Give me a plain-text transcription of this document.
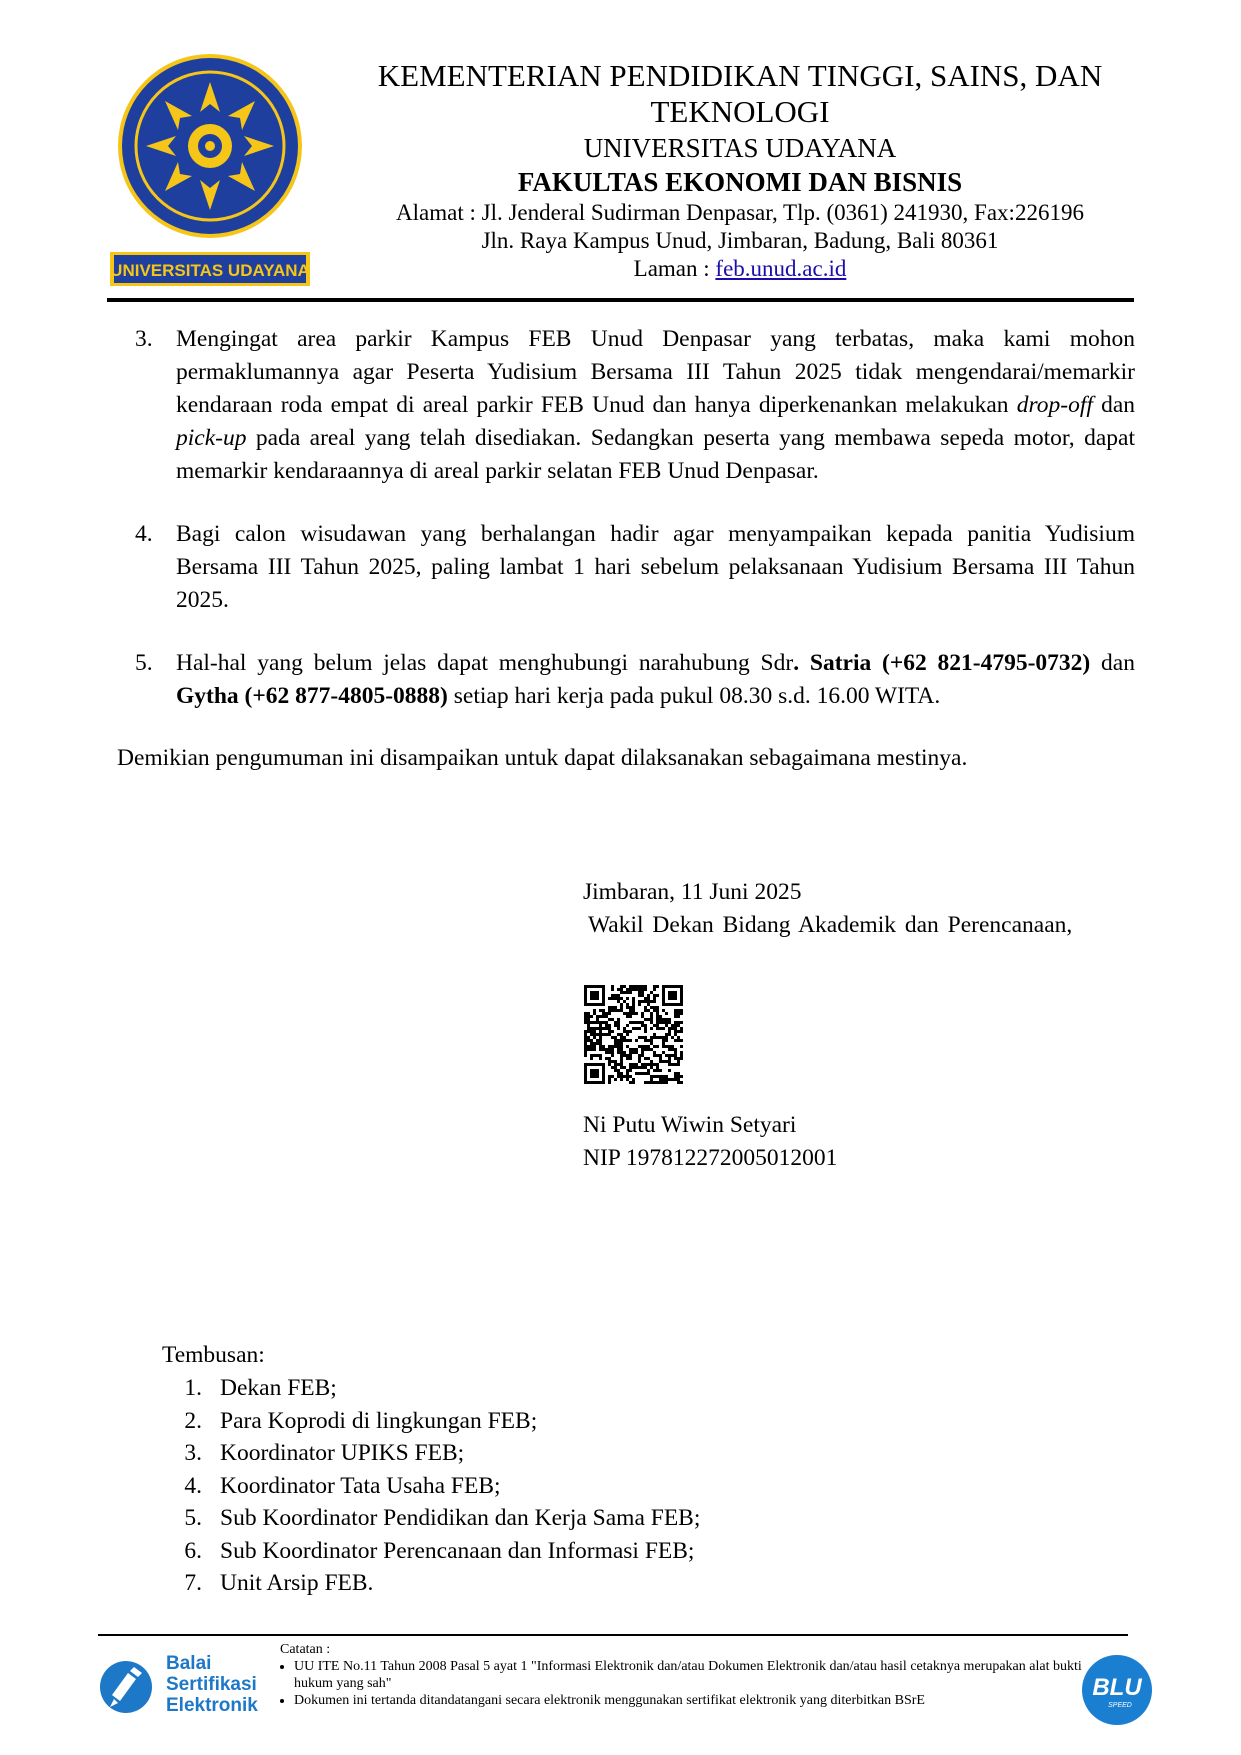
UNIVERSITAS UDAYANA
KEMENTERIAN PENDIDIKAN TINGGI, SAINS, DAN TEKNOLOGI
UNIVERSITAS UDAYANA
FAKULTAS EKONOMI DAN BISNIS
Alamat : Jl. Jenderal Sudirman Denpasar, Tlp. (0361) 241930, Fax:226196
Jln. Raya Kampus Unud, Jimbaran, Badung, Bali 80361
Laman : feb.unud.ac.id
3. Mengingat area parkir Kampus FEB Unud Denpasar yang terbatas, maka kami mohon permaklumannya agar Peserta Yudisium Bersama III Tahun 2025 tidak mengendarai/memarkir kendaraan roda empat di areal parkir FEB Unud dan hanya diperkenankan melakukan drop-off dan pick-up pada areal yang telah disediakan. Sedangkan peserta yang membawa sepeda motor, dapat memarkir kendaraannya di areal parkir selatan FEB Unud Denpasar.
4. Bagi calon wisudawan yang berhalangan hadir agar menyampaikan kepada panitia Yudisium Bersama III Tahun 2025, paling lambat 1 hari sebelum pelaksanaan Yudisium Bersama III Tahun 2025.
5. Hal-hal yang belum jelas dapat menghubungi narahubung Sdr. Satria (+62 821-4795-0732) dan Gytha (+62 877-4805-0888) setiap hari kerja pada pukul 08.30 s.d. 16.00 WITA.
Demikian pengumuman ini disampaikan untuk dapat dilaksanakan sebagaimana mestinya.
Jimbaran, 11 Juni 2025
Wakil Dekan Bidang Akademik dan Perencanaan,
Ni Putu Wiwin Setyari
NIP 197812272005012001
Tembusan:
1. Dekan FEB;
2. Para Koprodi di lingkungan FEB;
3. Koordinator UPIKS FEB;
4. Koordinator Tata Usaha FEB;
5. Sub Koordinator Pendidikan dan Kerja Sama FEB;
6. Sub Koordinator Perencanaan dan Informasi FEB;
7. Unit Arsip FEB.
Balai
Sertifikasi
Elektronik
Catatan :
• UU ITE No.11 Tahun 2008 Pasal 5 ayat 1 "Informasi Elektronik dan/atau Dokumen Elektronik dan/atau hasil cetaknya merupakan alat bukti hukum yang sah"
• Dokumen ini tertanda ditandatangani secara elektronik menggunakan sertifikat elektronik yang diterbitkan BSrE	BLU
SPEED
